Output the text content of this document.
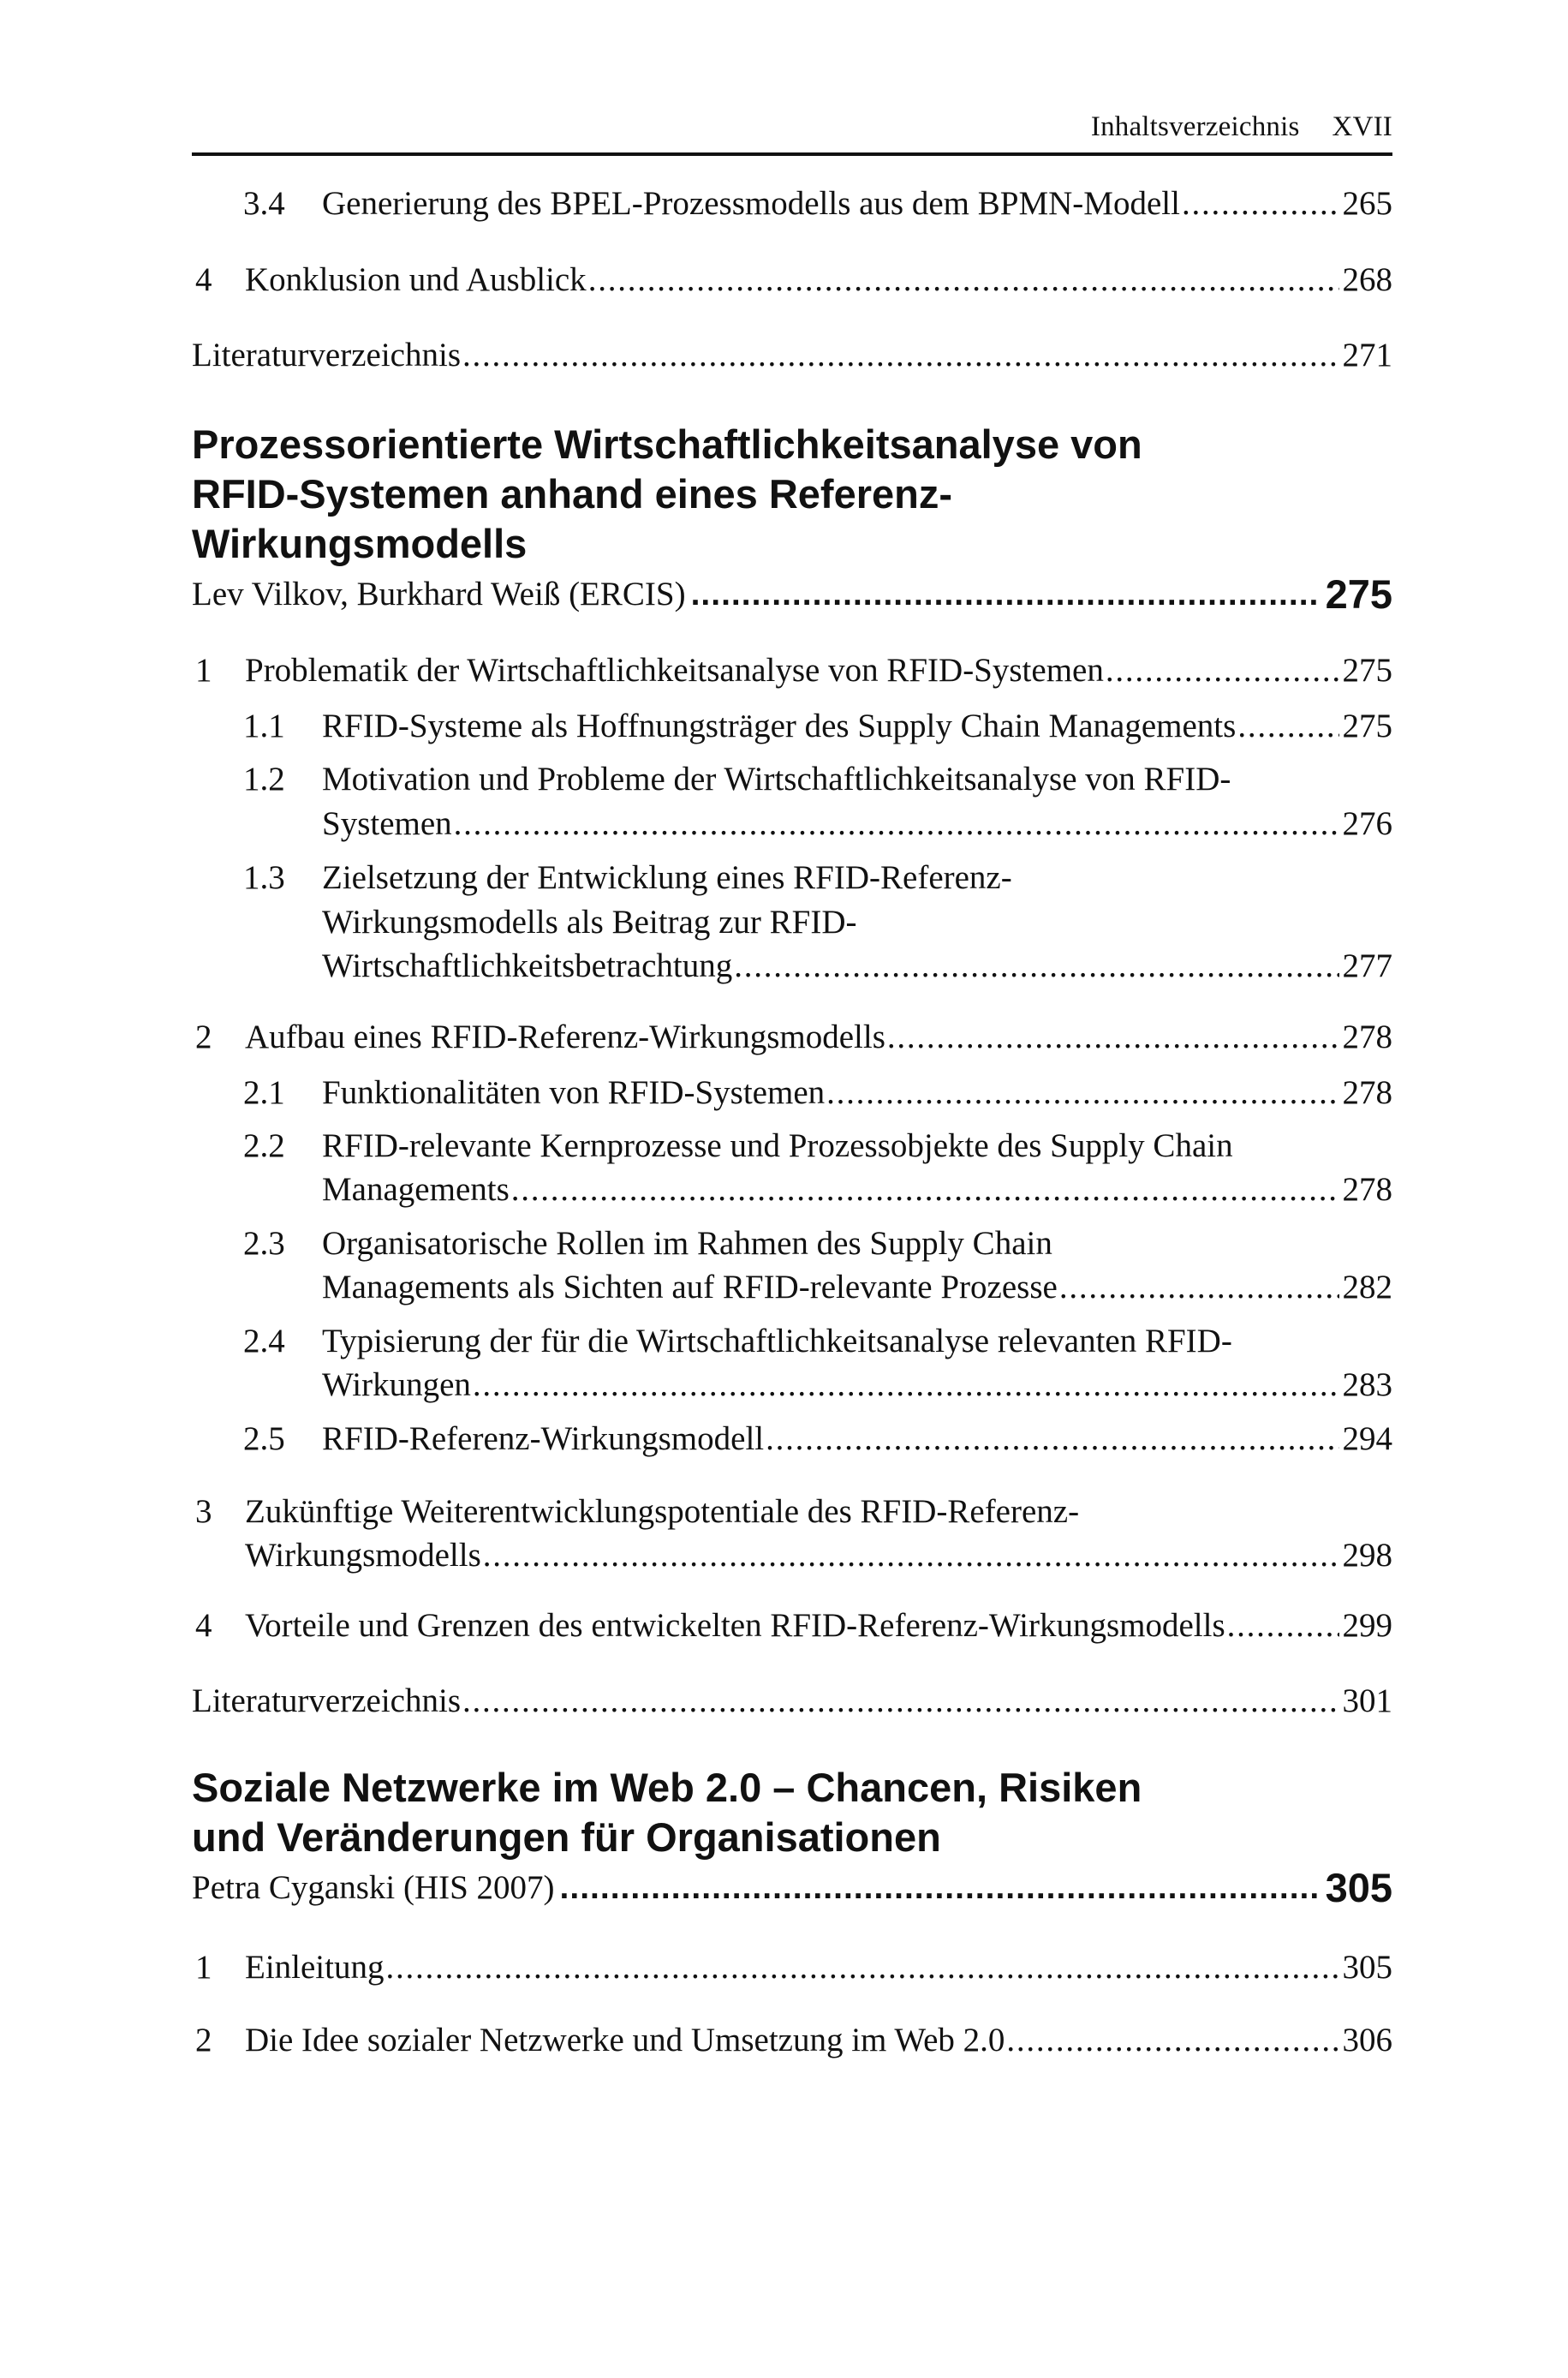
Inhaltsverzeichnis XVII
3.4 Generierung des BPEL-Prozessmodells aus dem BPMN-Modell . . .	265
4 Konklusion und Ausblick . . .	268
Literaturverzeichnis . . .	271
Prozessorientierte Wirtschaftlichkeitsanalyse von
RFID-Systemen anhand eines Referenz-
Wirkungsmodells
Lev Vilkov, Burkhard Weiß (ERCIS) .....	275
1 Problematik der Wirtschaftlichkeitsanalyse von RFID-Systemen . . .	275
1.1 RFID-Systeme als Hoffnungsträger des Supply Chain Managements . . .	275
1.2 Motivation und Probleme der Wirtschaftlichkeitsanalyse von RFID-
Systemen . . .	276
1.3 Zielsetzung der Entwicklung eines RFID-Referenz-
Wirkungsmodells als Beitrag zur RFID-
Wirtschaftlichkeitsbetrachtung . . .	277
2 Aufbau eines RFID-Referenz-Wirkungsmodells . . .	278
2.1 Funktionalitäten von RFID-Systemen . . .	278
2.2 RFID-relevante Kernprozesse und Prozessobjekte des Supply Chain
Managements . . .	278
2.3 Organisatorische Rollen im Rahmen des Supply Chain
Managements als Sichten auf RFID-relevante Prozesse . . .	282
2.4 Typisierung der für die Wirtschaftlichkeitsanalyse relevanten RFID-
Wirkungen . . .	283
2.5 RFID-Referenz-Wirkungsmodell . . .	294
3 Zukünftige Weiterentwicklungspotentiale des RFID-Referenz-
Wirkungsmodells . . .	298
4 Vorteile und Grenzen des entwickelten RFID-Referenz-Wirkungsmodells . . .	299
Literaturverzeichnis . . .	301
Soziale Netzwerke im Web 2.0 – Chancen, Risiken
und Veränderungen für Organisationen
Petra Cyganski (HIS 2007) .....	305
1 Einleitung . . .	305
2 Die Idee sozialer Netzwerke und Umsetzung im Web 2.0 . . .	306
